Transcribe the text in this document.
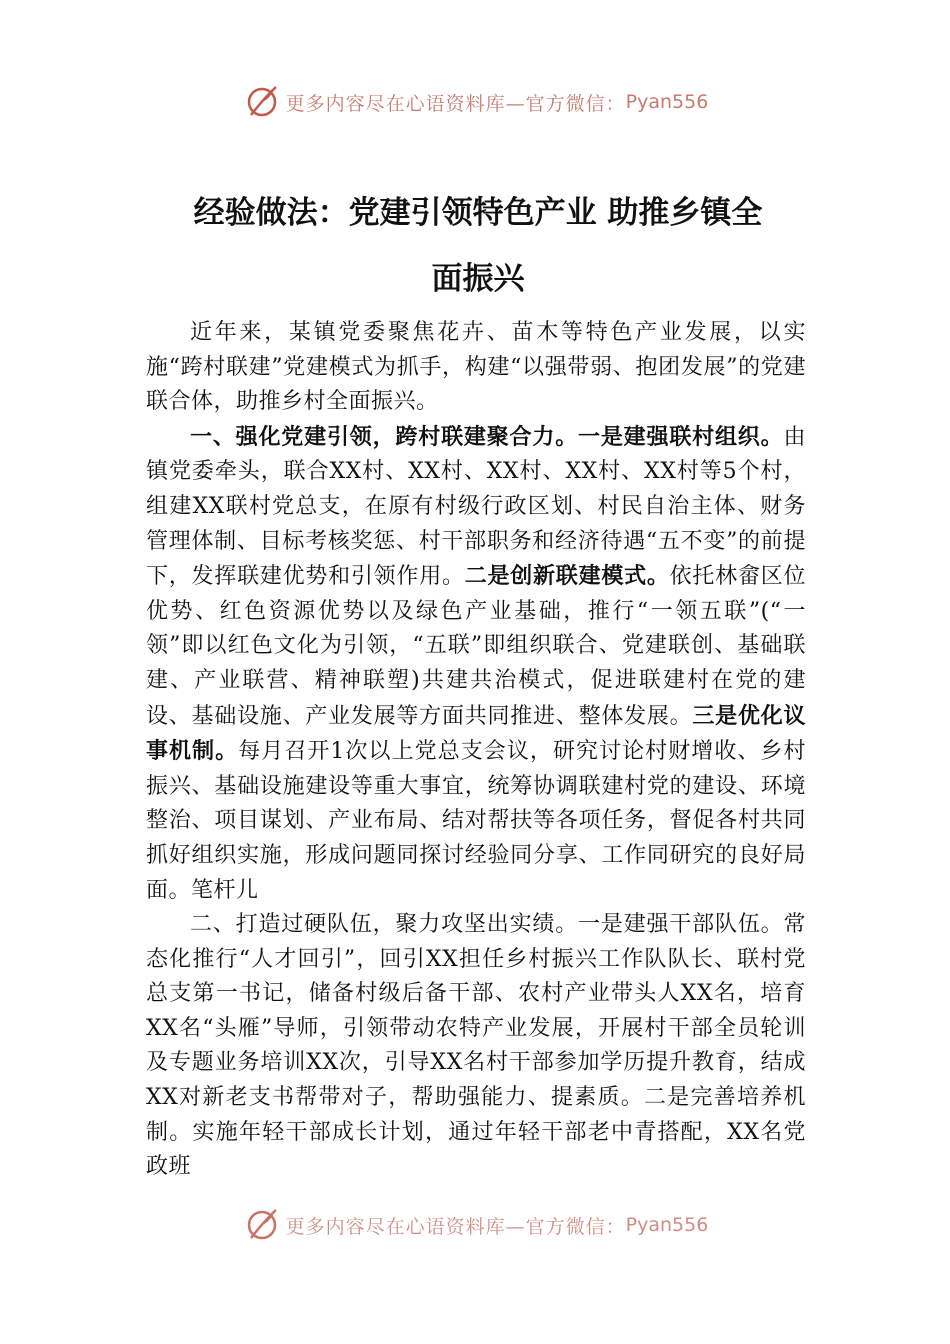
更多内容尽在心语资料库—官方微信： Pyan556
经验做法：党建引领特色产业 助推乡镇全
面振兴

近年来，某镇党委聚焦花卉、苗木等特色产业发展，以实施“跨村联建”党建模式为抓手，构建“以强带弱、抱团发展”的党建联合体，助推乡村全面振兴。

一、强化党建引领，跨村联建聚合力。一是建强联村组织。由镇党委牵头，联合XX村、XX村、XX村、XX村、XX村等5个村，组建XX联村党总支，在原有村级行政区划、村民自治主体、财务管理体制、目标考核奖惩、村干部职务和经济待遇“五不变”的前提下，发挥联建优势和引领作用。二是创新联建模式。依托林畲区位优势、红色资源优势以及绿色产业基础，推行“一领五联”(“一领”即以红色文化为引领，“五联”即组织联合、党建联创、基础联建、产业联营、精神联塑)共建共治模式，促进联建村在党的建设、基础设施、产业发展等方面共同推进、整体发展。三是优化议事机制。每月召开1次以上党总支会议，研究讨论村财增收、乡村振兴、基础设施建设等重大事宜，统筹协调联建村党的建设、环境整治、项目谋划、产业布局、结对帮扶等各项任务，督促各村共同抓好组织实施，形成问题同探讨经验同分享、工作同研究的良好局面。笔杆儿

二、打造过硬队伍，聚力攻坚出实绩。一是建强干部队伍。常态化推行“人才回引”，回引XX担任乡村振兴工作队队长、联村党总支第一书记，储备村级后备干部、农村产业带头人XX名，培育XX名“头雁”导师，引领带动农特产业发展，开展村干部全员轮训及专题业务培训XX次，引导XX名村干部参加学历提升教育，结成XX对新老支书帮带对子，帮助强能力、提素质。二是完善培养机制。实施年轻干部成长计划，通过年轻干部老中青搭配，XX名党政班

更多内容尽在心语资料库—官方微信： Pyan556
